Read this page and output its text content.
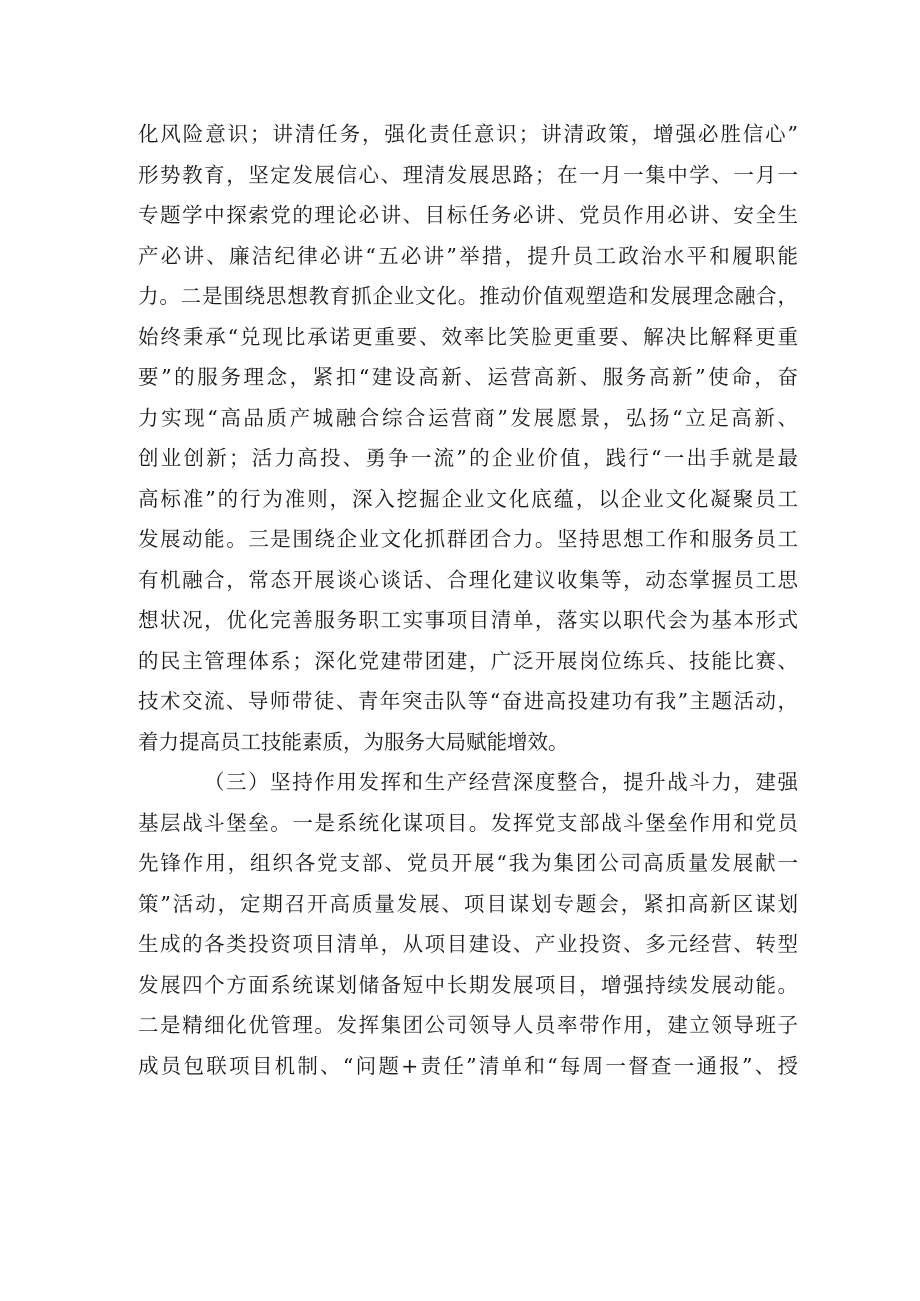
化风险意识；讲清任务，强化责任意识；讲清政策，增强必胜信心”
形势教育，坚定发展信心、理清发展思路；在一月一集中学、一月一
专题学中探索党的理论必讲、目标任务必讲、党员作用必讲、安全生
产必讲、廉洁纪律必讲“五必讲”举措，提升员工政治水平和履职能
力。二是围绕思想教育抓企业文化。推动价值观塑造和发展理念融合，
始终秉承“兑现比承诺更重要、效率比笑脸更重要、解决比解释更重
要”的服务理念，紧扣“建设高新、运营高新、服务高新”使命，奋
力实现“高品质产城融合综合运营商”发展愿景，弘扬“立足高新、
创业创新；活力高投、勇争一流”的企业价值，践行“一出手就是最
高标准”的行为准则，深入挖掘企业文化底蕴，以企业文化凝聚员工
发展动能。三是围绕企业文化抓群团合力。坚持思想工作和服务员工
有机融合，常态开展谈心谈话、合理化建议收集等，动态掌握员工思
想状况，优化完善服务职工实事项目清单，落实以职代会为基本形式
的民主管理体系；深化党建带团建，广泛开展岗位练兵、技能比赛、
技术交流、导师带徒、青年突击队等“奋进高投建功有我”主题活动，
着力提高员工技能素质，为服务大局赋能增效。
（三）坚持作用发挥和生产经营深度整合，提升战斗力，建强
基层战斗堡垒。一是系统化谋项目。发挥党支部战斗堡垒作用和党员
先锋作用，组织各党支部、党员开展“我为集团公司高质量发展献一
策”活动，定期召开高质量发展、项目谋划专题会，紧扣高新区谋划
生成的各类投资项目清单，从项目建设、产业投资、多元经营、转型
发展四个方面系统谋划储备短中长期发展项目，增强持续发展动能。
二是精细化优管理。发挥集团公司领导人员率带作用，建立领导班子
成员包联项目机制、“问题+责任”清单和“每周一督查一通报”、授
